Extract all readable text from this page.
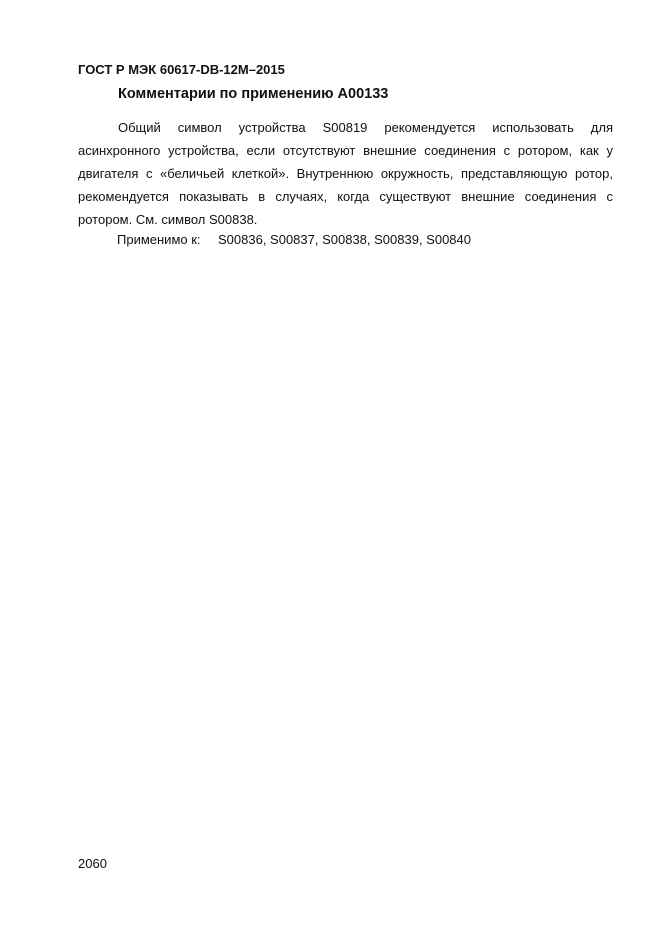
ГОСТ Р МЭК 60617-DB-12M–2015
Комментарии по применению A00133

Общий символ устройства S00819 рекомендуется использовать для асинхронного устройства, если отсутствуют внешние соединения с ротором, как у двигателя с «беличьей клеткой». Внутреннюю окружность, представляющую ротор, рекомендуется показывать в случаях, когда существуют внешние соединения с ротором. См. символ S00838.

Применимо к:	S00836, S00837, S00838, S00839, S00840
2060
